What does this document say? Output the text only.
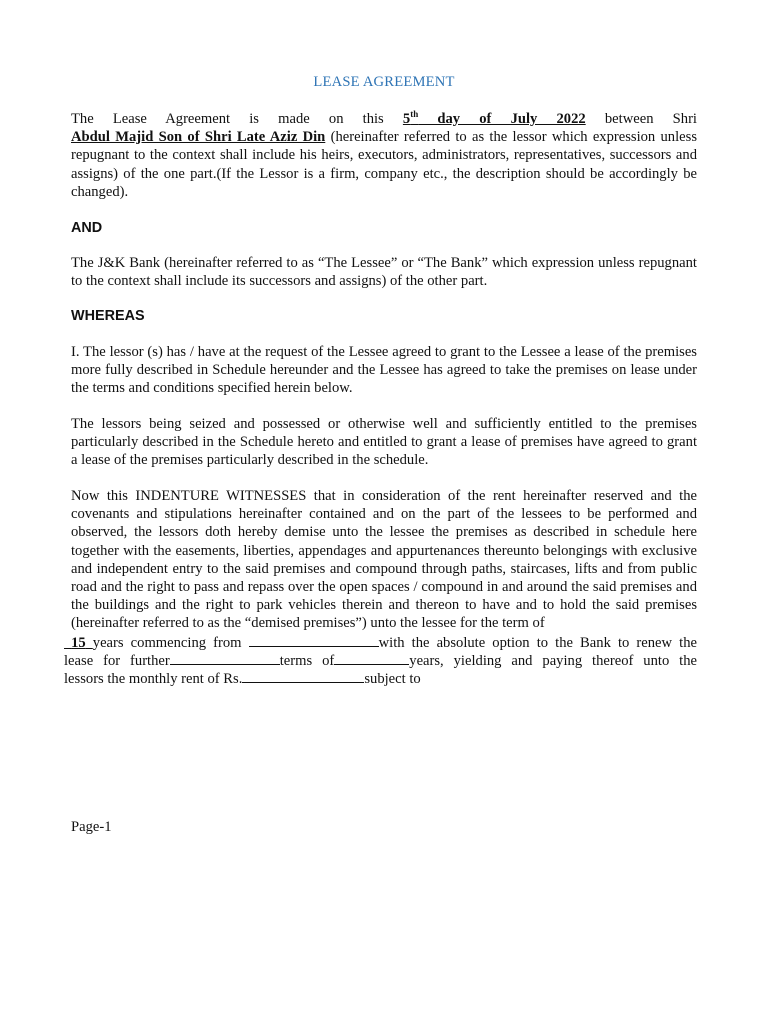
LEASE AGREEMENT
The Lease Agreement is made on this 5th day of July 2022 between Shri
Abdul Majid Son of Shri Late Aziz Din (hereinafter referred to as the lessor which expression unless repugnant to the context shall include his heirs, executors, administrators, representatives, successors and assigns) of the one part.(If the Lessor is a firm, company etc., the description should be accordingly be changed).
AND
The J&K Bank (hereinafter referred to as “The Lessee” or “The Bank” which expression unless repugnant to the context shall include its successors and assigns) of the other part.
WHEREAS
I. The lessor (s) has / have at the request of the Lessee agreed to grant to the Lessee a lease of the premises more fully described in Schedule hereunder and the Lessee has agreed to take the premises on lease under the terms and conditions specified herein below.
The lessors being seized and possessed or otherwise well and sufficiently entitled to the premises particularly described in the Schedule hereto and entitled to grant a lease of premises have agreed to grant a lease of the premises particularly described in the schedule.
Now this INDENTURE WITNESSES that in consideration of the rent hereinafter reserved and the covenants and stipulations hereinafter contained and on the part of the lessees to be performed and observed, the lessors doth hereby demise unto the lessee the premises as described in schedule here together with the easements, liberties, appendages and appurtenances thereunto belongings with exclusive and independent entry to the said premises and compound through paths, staircases, lifts and from public road and the right to pass and repass over the open spaces / compound in and around the said premises and the buildings and the right to park vehicles therein and thereon to have and to hold the said premises (hereinafter referred to as the “demised premises”) unto the lessee for the term of
15 years commencing from	with the absolute option to the Bank to renew the
lease for further	terms of	years, yielding and paying thereof unto the
lessors the monthly rent of Rs.	subject to
Page-1
